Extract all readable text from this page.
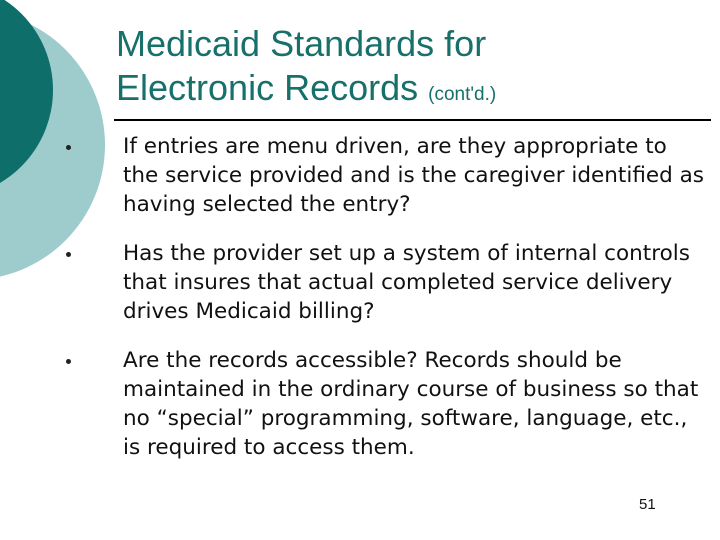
Medicaid Standards for
Electronic Records (cont'd.)
If entries are menu driven, are they appropriate to the service provided and is the caregiver identified as having selected the entry?
Has the provider set up a system of internal controls that insures that actual completed service delivery drives Medicaid billing?
Are the records accessible? Records should be maintained in the ordinary course of business so that no “special” programming, software, language, etc., is required to access them.
51
